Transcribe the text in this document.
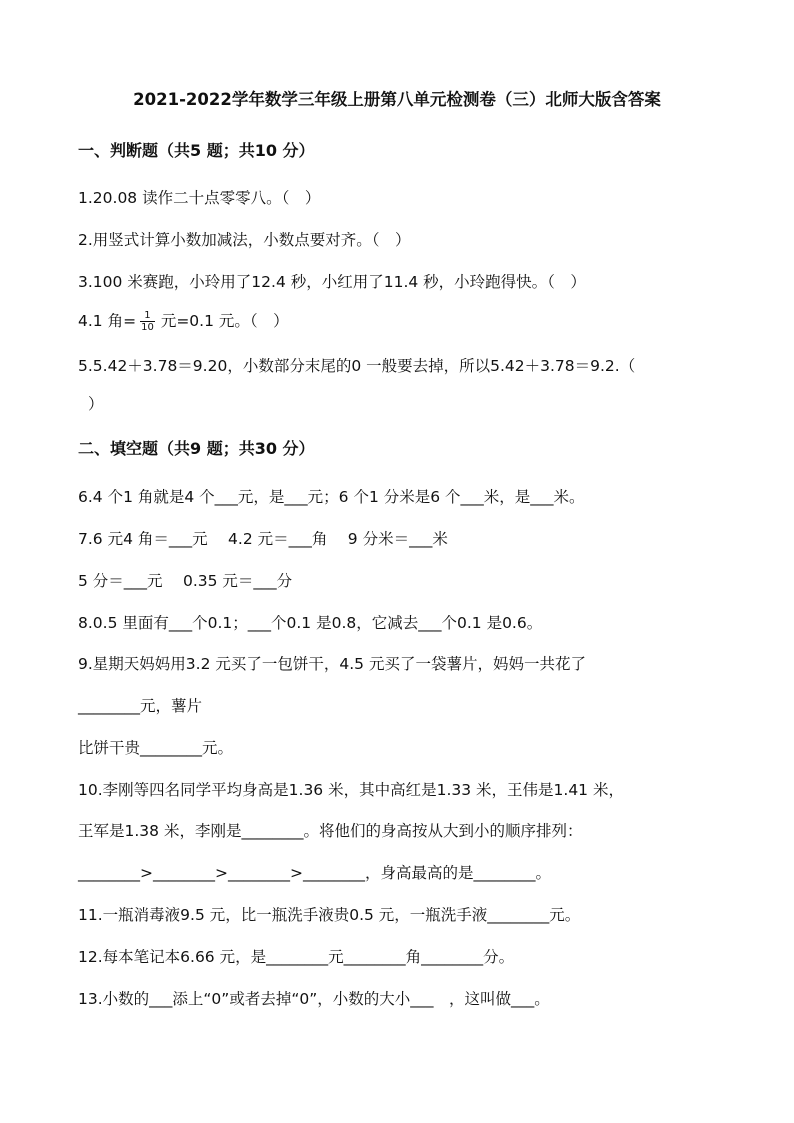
2021-2022学年数学三年级上册第八单元检测卷（三）北师大版含答案
一、判断题（共5 题；共10 分）
1.20.08 读作二十点零零八。（　）
2.用竖式计算小数加减法，小数点要对齐。（　）
3.100 米赛跑，小玲用了12.4 秒，小红用了11.4 秒，小玲跑得快。（　）
4.1 角= $\frac{1}{10}$ 元=0.1 元。（　）
5.5.42＋3.78＝9.20，小数部分末尾的0 一般要去掉，所以5.42＋3.78＝9.2.（
）
二、填空题（共9 题；共30 分）
6.4 个1 角就是4 个___元，是___元；6 个1 分米是6 个___米，是___米。
7.6 元4 角＝___元　 4.2 元＝___角　 9 分米＝___米
5 分＝___元　 0.35 元＝___分
8.0.5 里面有___个0.1；___个0.1 是0.8，它减去___个0.1 是0.6。
9.星期天妈妈用3.2 元买了一包饼干，4.5 元买了一袋薯片，妈妈一共花了
________元，薯片
比饼干贵________元。
10.李刚等四名同学平均身高是1.36 米，其中高红是1.33 米，王伟是1.41 米，
王军是1.38 米，李刚是________。将他们的身高按从大到小的顺序排列：
________>________>________>________，身高最高的是________。
11.一瓶消毒液9.5 元，比一瓶洗手液贵0.5 元，一瓶洗手液________元。
12.每本笔记本6.66 元，是________元________角________分。
13.小数的___添上“0”或者去掉“0”，小数的大小___　，这叫做___。
